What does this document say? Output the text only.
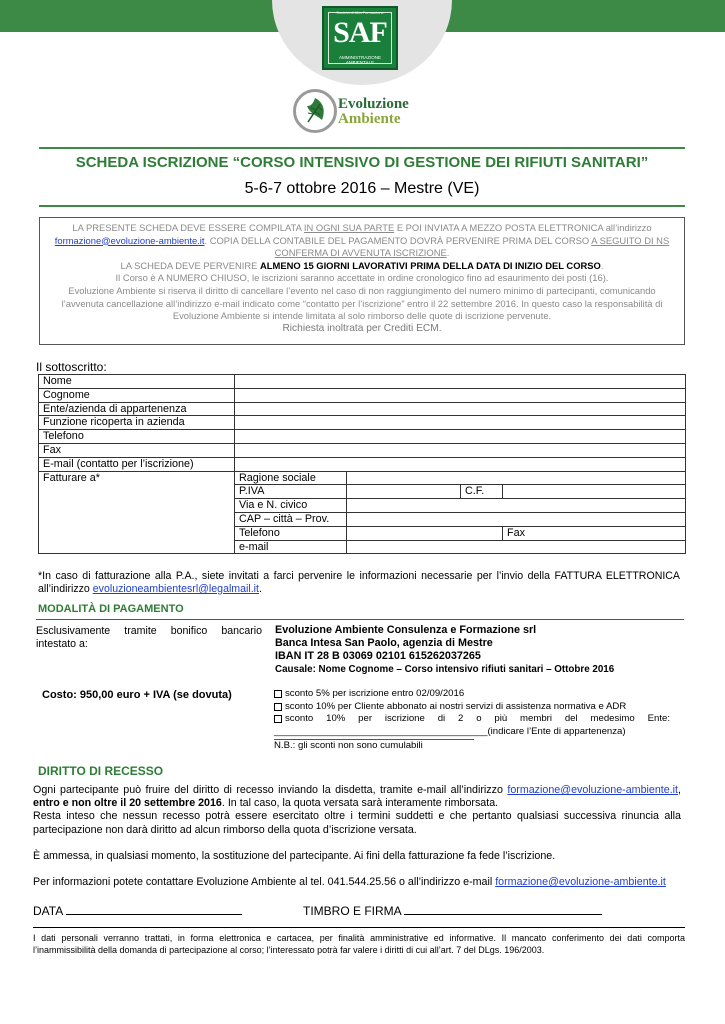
Società di Alta Formazione
SAF
AMMINISTRAZIONE
AMBIENTALE
Evoluzione
Ambiente
SCHEDA ISCRIZIONE “CORSO INTENSIVO DI GESTIONE DEI RIFIUTI SANITARI”
5-6-7 ottobre 2016 – Mestre (VE)
LA PRESENTE SCHEDA DEVE ESSERE COMPILATA IN OGNI SUA PARTE E POI INVIATA A MEZZO POSTA ELETTRONICA all’indirizzo formazione@evoluzione-ambiente.it. COPIA DELLA CONTABILE DEL PAGAMENTO DOVRÀ PERVENIRE PRIMA DEL CORSO A SEGUITO DI NS CONFERMA DI AVVENUTA ISCRIZIONE.
LA SCHEDA DEVE PERVENIRE ALMENO 15 GIORNI LAVORATIVI PRIMA DELLA DATA DI INIZIO DEL CORSO.
Il Corso è A NUMERO CHIUSO, le iscrizioni saranno accettate in ordine cronologico fino ad esaurimento dei posti (16).
Evoluzione Ambiente si riserva il diritto di cancellare l’evento nel caso di non raggiungimento del numero minimo di partecipanti, comunicando l’avvenuta cancellazione all’indirizzo e-mail indicato come “contatto per l’iscrizione” entro il 22 settembre 2016. In questo caso la responsabilità di Evoluzione Ambiente si intende limitata al solo rimborso delle quote di iscrizione pervenute.
Richiesta inoltrata per Crediti ECM.
Il sottoscritto:
Nome				
Cognome				
Ente/azienda di appartenenza				
Funzione ricoperta in azienda				
Telefono				
Fax				
E-mail (contatto per l’iscrizione)				
Fatturare a*	Ragione sociale			
	P.IVA		C.F.	
	Via e N. civico			
	CAP – città – Prov.			
	Telefono			Fax
	e-mail			
*In caso di fatturazione alla P.A., siete invitati a farci pervenire le informazioni necessarie per l’invio della FATTURA ELETTRONICA all’indirizzo evoluzioneambientesrl@legalmail.it.
MODALITÀ DI PAGAMENTO
Esclusivamente tramite bonifico bancario intestato a:
Evoluzione Ambiente Consulenza e Formazione srl
Banca Intesa San Paolo, agenzia di Mestre
IBAN IT 28 B 03069 02101 615262037265
Causale: Nome Cognome – Corso intensivo rifiuti sanitari – Ottobre 2016
Costo: 950,00 euro + IVA (se dovuta)	sconto 5% per iscrizione entro 02/09/2016
sconto 10% per Cliente abbonato ai nostri servizi di assistenza normativa e ADR
sconto 10% per iscrizione di 2 o più membri del medesimo Ente:
________________________________________(indicare l’Ente di appartenenza)
N.B.: gli sconti non sono cumulabili
DIRITTO DI RECESSO
Ogni partecipante può fruire del diritto di recesso inviando la disdetta, tramite e-mail all’indirizzo formazione@evoluzione-ambiente.it, entro e non oltre il 20 settembre 2016. In tal caso, la quota versata sarà interamente rimborsata.
Resta inteso che nessun recesso potrà essere esercitato oltre i termini suddetti e che pertanto qualsiasi successiva rinuncia alla partecipazione non darà diritto ad alcun rimborso della quota d’iscrizione versata.
È ammessa, in qualsiasi momento, la sostituzione del partecipante. Ai fini della fatturazione fa fede l’iscrizione.
Per informazioni potete contattare Evoluzione Ambiente al tel. 041.544.25.56 o all’indirizzo e-mail formazione@evoluzione-ambiente.it
DATA	TIMBRO E FIRMA
I dati personali verranno trattati, in forma elettronica e cartacea, per finalità amministrative ed informative. Il mancato conferimento dei dati comporta l’inammissibilità della domanda di partecipazione al corso; l’interessato potrà far valere i diritti di cui all’art. 7 del DLgs. 196/2003.
